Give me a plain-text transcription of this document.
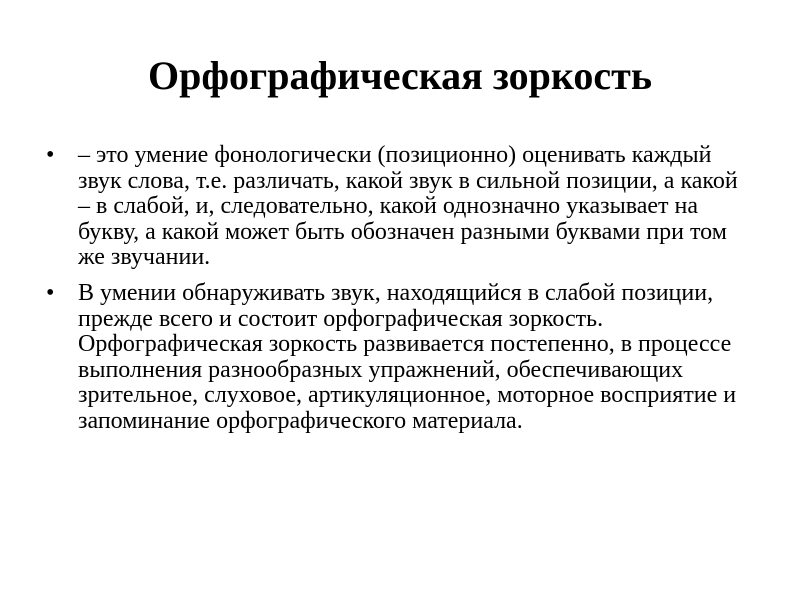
Орфографическая зоркость
• – это умение фонологически (позиционно) оценивать каждый звук слова, т.е. различать, какой звук в сильной позиции, а какой – в слабой, и, следовательно, какой однозначно указывает на букву, а какой может быть обозначен разными буквами при том же звучании.
• В умении обнаруживать звук, находящийся в слабой позиции, прежде всего и состоит орфографическая зоркость. Орфографическая зоркость развивается постепенно, в процессе выполнения разнообразных упражнений, обеспечивающих зрительное, слуховое, артикуляционное, моторное восприятие и запоминание орфографического материала.
